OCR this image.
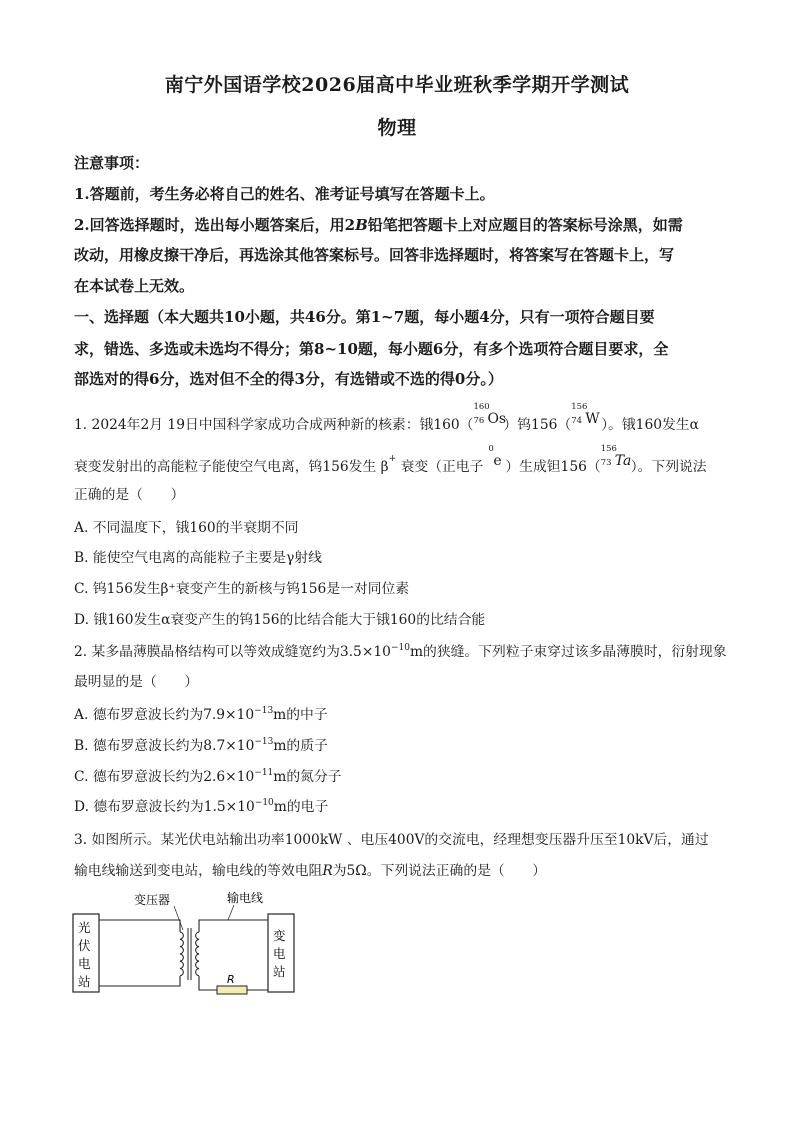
南宁外国语学校2026届高中毕业班秋季学期开学测试
物理
注意事项：
1.答题前，考生务必将自己的姓名、准考证号填写在答题卡上。
2.回答选择题时，选出每小题答案后，用2B铅笔把答题卡上对应题目的答案标号涂黑，如需
改动，用橡皮擦干净后，再选涂其他答案标号。回答非选择题时，将答案写在答题卡上，写
在本试卷上无效。
一、选择题（本大题共10小题，共46分。第1~7题，每小题4分，只有一项符合题目要
求，错选、多选或未选均不得分；第8~10题，每小题6分，有多个选项符合题目要求，全
部选对的得6分，选对但不全的得3分，有选错或不选的得0分。）
1. 2024年2月 19日中国科学家成功合成两种新的核素：锇160（
160
76 Os
）钨156（
156
74 W ）。锇160发生α
衰变发射出的高能粒子能使空气电离，钨156发生 β+ 衰变（正电子
0
e ）生成钽156（
156
73 Ta ）。下列说法
正确的是（　　）
A. 不同温度下，锇160的半衰期不同
B. 能使空气电离的高能粒子主要是γ射线
C. 钨156发生β⁺衰变产生的新核与钨156是一对同位素
D. 锇160发生α衰变产生的钨156的比结合能大于锇160的比结合能
2. 某多晶薄膜晶格结构可以等效成缝宽约为$3.5\times 10^{-10}m$的狭缝。下列粒子束穿过该多晶薄膜时，衍射现象
最明显的是（　　）
A. 德布罗意波长约为$7.9\times 10^{-13}m$的中子
B. 德布罗意波长约为$8.7\times 10^{-13}m$的质子
C. 德布罗意波长约为$2.6\times 10^{-11}m$的氮分子
D. 德布罗意波长约为$1.5\times 10^{-10}m$的电子
3. 如图所示。某光伏电站输出功率1000kW 、电压400V的交流电，经理想变压器升压至10kV后，通过
输电线输送到变电站，输电线的等效电阻R为5Ω。下列说法正确的是（　　）
变压器	输电线
光
伏
电
站
变
电
站
R
